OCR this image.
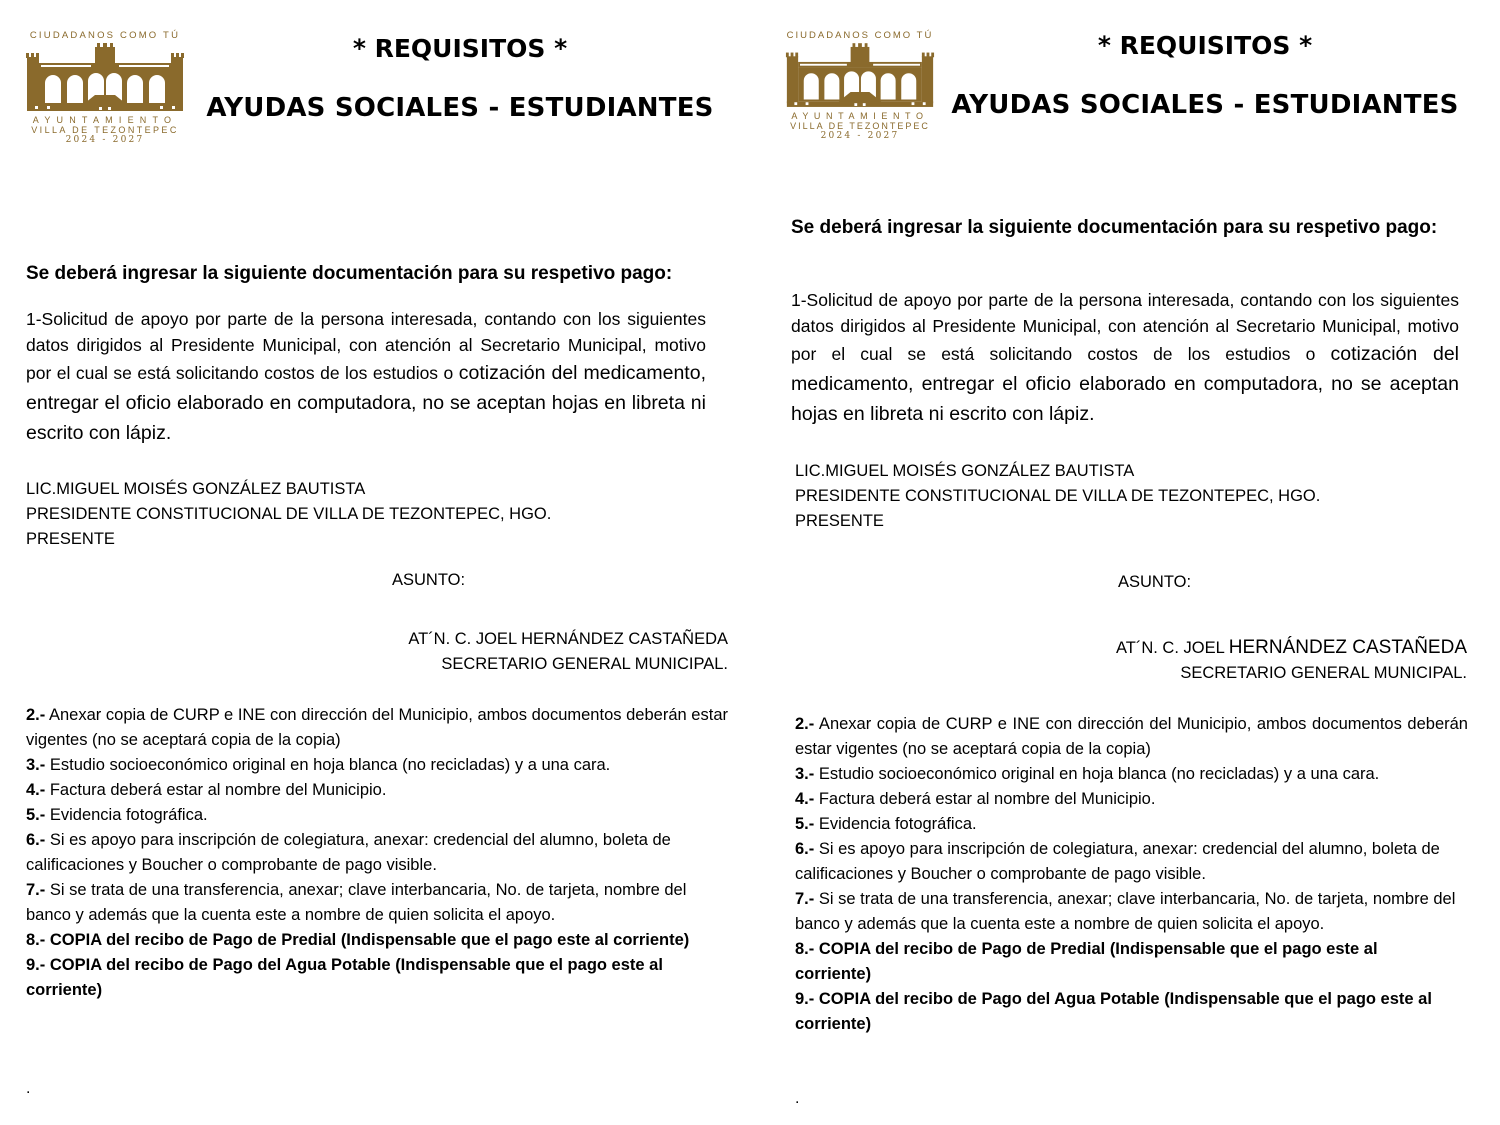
CIUDADANOS COMO TÚ
AYUNTAMIENTO
VILLA DE TEZONTEPEC
2024 - 2027
* REQUISITOS *
AYUDAS SOCIALES - ESTUDIANTES
Se deberá ingresar la siguiente documentación para su respetivo pago:
1-Solicitud de apoyo por parte de la persona interesada, contando con los siguientes datos dirigidos al Presidente Municipal, con atención al Secretario Municipal, motivo por el cual se está solicitando costos de los estudios o cotización del medicamento, entregar el oficio elaborado en computadora, no se aceptan hojas en libreta ni escrito con lápiz.
LIC.MIGUEL MOISÉS GONZÁLEZ BAUTISTA
PRESIDENTE CONSTITUCIONAL DE VILLA DE TEZONTEPEC, HGO.
PRESENTE
ASUNTO:
AT´N. C. JOEL HERNÁNDEZ CASTAÑEDA
SECRETARIO GENERAL MUNICIPAL.
2.- Anexar copia de CURP e INE con dirección del Municipio, ambos documentos deberán estar vigentes (no se aceptará copia de la copia)
3.- Estudio socioeconómico original en hoja blanca (no recicladas) y a una cara.
4.- Factura deberá estar al nombre del Municipio.
5.- Evidencia fotográfica.
6.- Si es apoyo para inscripción de colegiatura, anexar: credencial del alumno, boleta de calificaciones y Boucher o comprobante de pago visible.
7.- Si se trata de una transferencia, anexar; clave interbancaria, No. de tarjeta, nombre del banco y además que la cuenta este a nombre de quien solicita el apoyo.
8.- COPIA del recibo de Pago de Predial (Indispensable que el pago este al corriente)
9.- COPIA del recibo de Pago del Agua Potable (Indispensable que el pago este al corriente)
.
CIUDADANOS COMO TÚ
AYUNTAMIENTO
VILLA DE TEZONTEPEC
2024 - 2027
* REQUISITOS *
AYUDAS SOCIALES - ESTUDIANTES
Se deberá ingresar la siguiente documentación para su respetivo pago:
1-Solicitud de apoyo por parte de la persona interesada, contando con los siguientes datos dirigidos al Presidente Municipal, con atención al Secretario Municipal, motivo por el cual se está solicitando costos de los estudios o cotización del medicamento, entregar el oficio elaborado en computadora, no se aceptan hojas en libreta ni escrito con lápiz.
LIC.MIGUEL MOISÉS GONZÁLEZ BAUTISTA
PRESIDENTE CONSTITUCIONAL DE VILLA DE TEZONTEPEC, HGO.
PRESENTE
ASUNTO:
AT´N. C. JOEL HERNÁNDEZ CASTAÑEDA
SECRETARIO GENERAL MUNICIPAL.
2.- Anexar copia de CURP e INE con dirección del Municipio, ambos documentos deberán estar vigentes (no se aceptará copia de la copia)
3.- Estudio socioeconómico original en hoja blanca (no recicladas) y a una cara.
4.- Factura deberá estar al nombre del Municipio.
5.- Evidencia fotográfica.
6.- Si es apoyo para inscripción de colegiatura, anexar: credencial del alumno, boleta de calificaciones y Boucher o comprobante de pago visible.
7.- Si se trata de una transferencia, anexar; clave interbancaria, No. de tarjeta, nombre del banco y además que la cuenta este a nombre de quien solicita el apoyo.
8.- COPIA del recibo de Pago de Predial (Indispensable que el pago este al corriente)
9.- COPIA del recibo de Pago del Agua Potable (Indispensable que el pago este al corriente)
.
